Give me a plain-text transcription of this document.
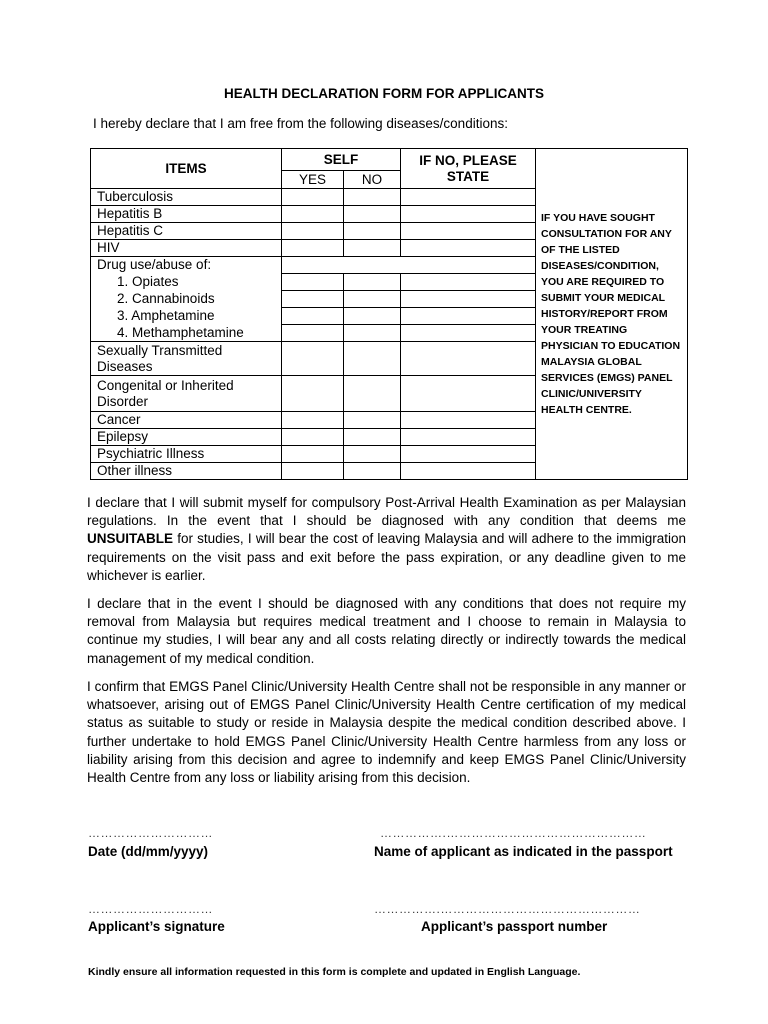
HEALTH DECLARATION FORM FOR APPLICANTS
I hereby declare that I am free from the following diseases/conditions:
ITEMS	SELF		IF NO, PLEASE STATE	IF YOU HAVE SOUGHT CONSULTATION FOR ANY OF THE LISTED DISEASES/CONDITION, YOU ARE REQUIRED TO SUBMIT YOUR MEDICAL HISTORY/REPORT FROM YOUR TREATING PHYSICIAN TO EDUCATION MALAYSIA GLOBAL SERVICES (EMGS) PANEL CLINIC/UNIVERSITY HEALTH CENTRE.
	YES	NO		
Tuberculosis				
Hepatitis B				
Hepatitis C				
HIV				
Drug use/abuse of:				
1. Opiates				
2. Cannabinoids				
3. Amphetamine				
4. Methamphetamine				
Sexually Transmitted Diseases				
Congenital or Inherited Disorder				
Cancer				
Epilepsy				
Psychiatric Illness				
Other illness				
I declare that I will submit myself for compulsory Post-Arrival Health Examination as per Malaysian regulations. In the event that I should be diagnosed with any condition that deems me UNSUITABLE for studies, I will bear the cost of leaving Malaysia and will adhere to the immigration requirements on the visit pass and exit before the pass expiration, or any deadline given to me whichever is earlier.
I declare that in the event I should be diagnosed with any conditions that does not require my removal from Malaysia but requires medical treatment and I choose to remain in Malaysia to continue my studies, I will bear any and all costs relating directly or indirectly towards the medical management of my medical condition.
I confirm that EMGS Panel Clinic/University Health Centre shall not be responsible in any manner or whatsoever, arising out of EMGS Panel Clinic/University Health Centre certification of my medical status as suitable to study or reside in Malaysia despite the medical condition described above. I further undertake to hold EMGS Panel Clinic/University Health Centre harmless from any loss or liability arising from this decision and agree to indemnify and keep EMGS Panel Clinic/University Health Centre from any loss or liability arising from this decision.
…………………………	…………….…………………………………………
Date (dd/mm/yyyy)	Name of applicant as indicated in the passport
…………………………	…………….…………………………………………
Applicant’s signature	Applicant’s passport number
Kindly ensure all information requested in this form is complete and updated in English Language.
